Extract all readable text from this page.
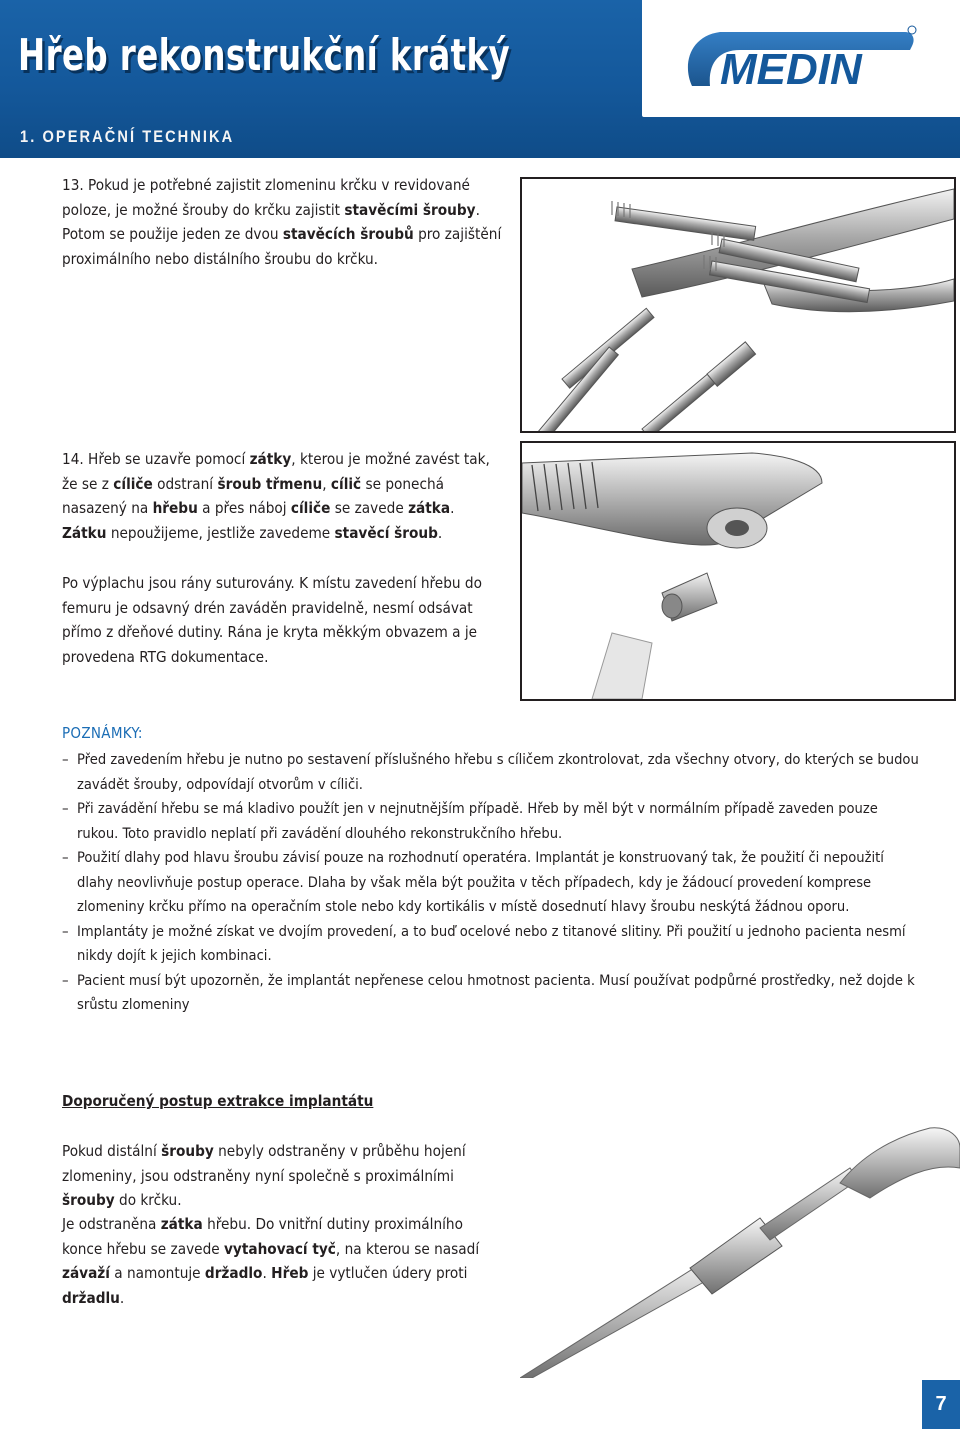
Hřeb rekonstrukční krátký	MEDIN
1. OPERAČNÍ TECHNIKA
13. Pokud je potřebné zajistit zlomeninu krčku v revidované poloze, je možné šrouby do krčku zajistit stavěcími šrouby. Potom se použije jeden ze dvou stavěcích šroubů pro zajištění proximálního nebo distálního šroubu do krčku.
14. Hřeb se uzavře pomocí zátky, kterou je možné zavést tak, že se z cíliče odstraní šroub třmenu, cílič se ponechá nasazený na hřebu a přes náboj cíliče se zavede zátka. Zátku nepoužijeme, jestliže zavedeme stavěcí šroub.
Po výplachu jsou rány suturovány. K místu zavedení hřebu do femuru je odsavný drén zaváděn pravidelně, nesmí odsávat přímo z dřeňové dutiny. Rána je kryta měkkým obvazem a je provedena RTG dokumentace.
POZNÁMKY:
– Před zavedením hřebu je nutno po sestavení příslušného hřebu s cíličem zkontrolovat, zda všechny otvory, do kterých se budou zavádět šrouby, odpovídají otvorům v cíliči.
– Při zavádění hřebu se má kladivo použít jen v nejnutnějším případě. Hřeb by měl být v normálním případě zaveden pouze rukou. Toto pravidlo neplatí při zavádění dlouhého rekonstrukčního hřebu.
– Použití dlahy pod hlavu šroubu závisí pouze na rozhodnutí operatéra. Implantát je konstruovaný tak, že použití či nepoužití dlahy neovlivňuje postup operace. Dlaha by však měla být použita v těch případech, kdy je žádoucí provedení komprese zlomeniny krčku přímo na operačním stole nebo kdy kortikális v místě dosednutí hlavy šroubu neskýtá žádnou oporu.
– Implantáty je možné získat ve dvojím provedení, a to buď ocelové nebo z titanové slitiny. Při použití u jednoho pacienta nesmí nikdy dojít k jejich kombinaci.
– Pacient musí být upozorněn, že implantát nepřenese celou hmotnost pacienta. Musí používat podpůrné prostředky, než dojde k srůstu zlomeniny
Doporučený postup extrakce implantátu
Pokud distální šrouby nebyly odstraněny v průběhu hojení zlomeniny, jsou odstraněny nyní společně s proximálními šrouby do krčku.
Je odstraněna zátka hřebu. Do vnitřní dutiny proximálního konce hřebu se zavede vytahovací tyč, na kterou se nasadí závaží a namontuje držadlo. Hřeb je vytlučen údery proti držadlu.
7
